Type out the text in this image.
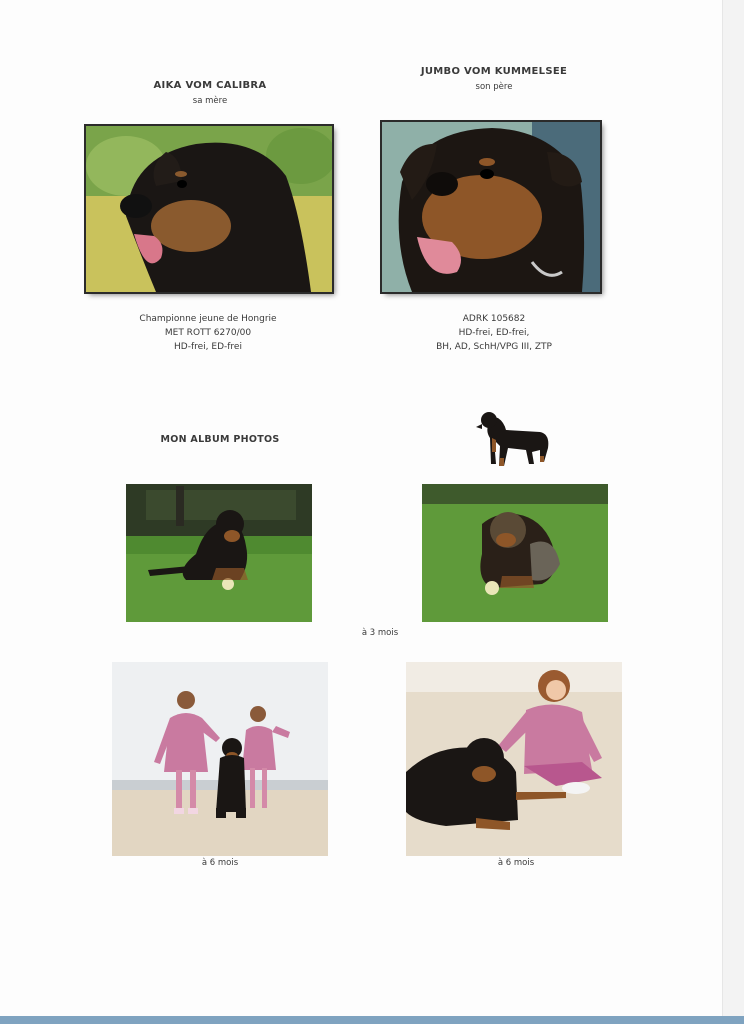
AIKA VOM CALIBRA
sa mère
JUMBO VOM KUMMELSEE
son père
Championne jeune de Hongrie
MET ROTT 6270/00
HD-frei, ED-frei
ADRK 105682
HD-frei, ED-frei,
BH, AD, SchH/VPG III, ZTP
MON ALBUM PHOTOS
à 3 mois
à 6 mois	à 6 mois
